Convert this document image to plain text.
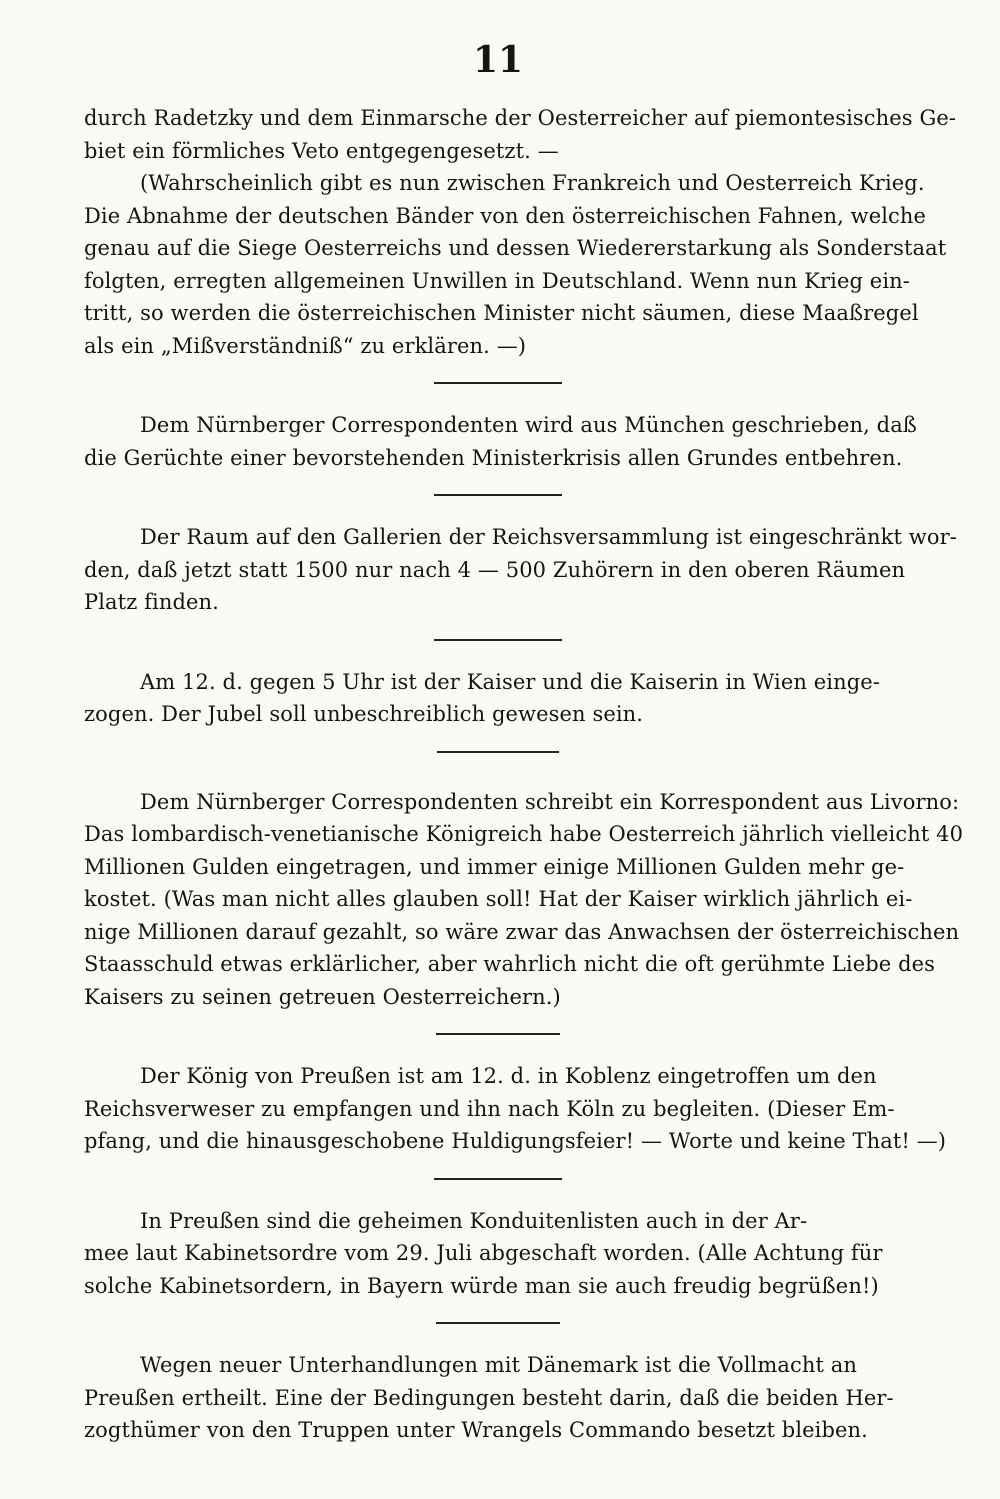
11
durch Radetzky und dem Einmarsche der Oesterreicher auf piemontesisches Ge-
biet ein förmliches Veto entgegengesetzt. —
(Wahrscheinlich gibt es nun zwischen Frankreich und Oesterreich Krieg.
Die Abnahme der deutschen Bänder von den österreichischen Fahnen, welche
genau auf die Siege Oesterreichs und dessen Wiedererstarkung als Sonderstaat
folgten, erregten allgemeinen Unwillen in Deutschland. Wenn nun Krieg ein-
tritt, so werden die österreichischen Minister nicht säumen, diese Maaßregel
als ein „Mißverständniß“ zu erklären. —)
Dem Nürnberger Correspondenten wird aus München geschrieben, daß
die Gerüchte einer bevorstehenden Ministerkrisis allen Grundes entbehren.
Der Raum auf den Gallerien der Reichsversammlung ist eingeschränkt wor-
den, daß jetzt statt 1500 nur nach 4 — 500 Zuhörern in den oberen Räumen
Platz finden.
Am 12. d. gegen 5 Uhr ist der Kaiser und die Kaiserin in Wien einge-
zogen. Der Jubel soll unbeschreiblich gewesen sein.
Dem Nürnberger Correspondenten schreibt ein Korrespondent aus Livorno:
Das lombardisch-venetianische Königreich habe Oesterreich jährlich vielleicht 40
Millionen Gulden eingetragen, und immer einige Millionen Gulden mehr ge-
kostet. (Was man nicht alles glauben soll! Hat der Kaiser wirklich jährlich ei-
nige Millionen darauf gezahlt, so wäre zwar das Anwachsen der österreichischen
Staasschuld etwas erklärlicher, aber wahrlich nicht die oft gerühmte Liebe des
Kaisers zu seinen getreuen Oesterreichern.)
Der König von Preußen ist am 12. d. in Koblenz eingetroffen um den
Reichsverweser zu empfangen und ihn nach Köln zu begleiten. (Dieser Em-
pfang, und die hinausgeschobene Huldigungsfeier! — Worte und keine That! —)
In Preußen sind die geheimen Konduitenlisten auch in der Ar-
mee laut Kabinetsordre vom 29. Juli abgeschaft worden. (Alle Achtung für
solche Kabinetsordern, in Bayern würde man sie auch freudig begrüßen!)
Wegen neuer Unterhandlungen mit Dänemark ist die Vollmacht an
Preußen ertheilt. Eine der Bedingungen besteht darin, daß die beiden Her-
zogthümer von den Truppen unter Wrangels Commando besetzt bleiben.
